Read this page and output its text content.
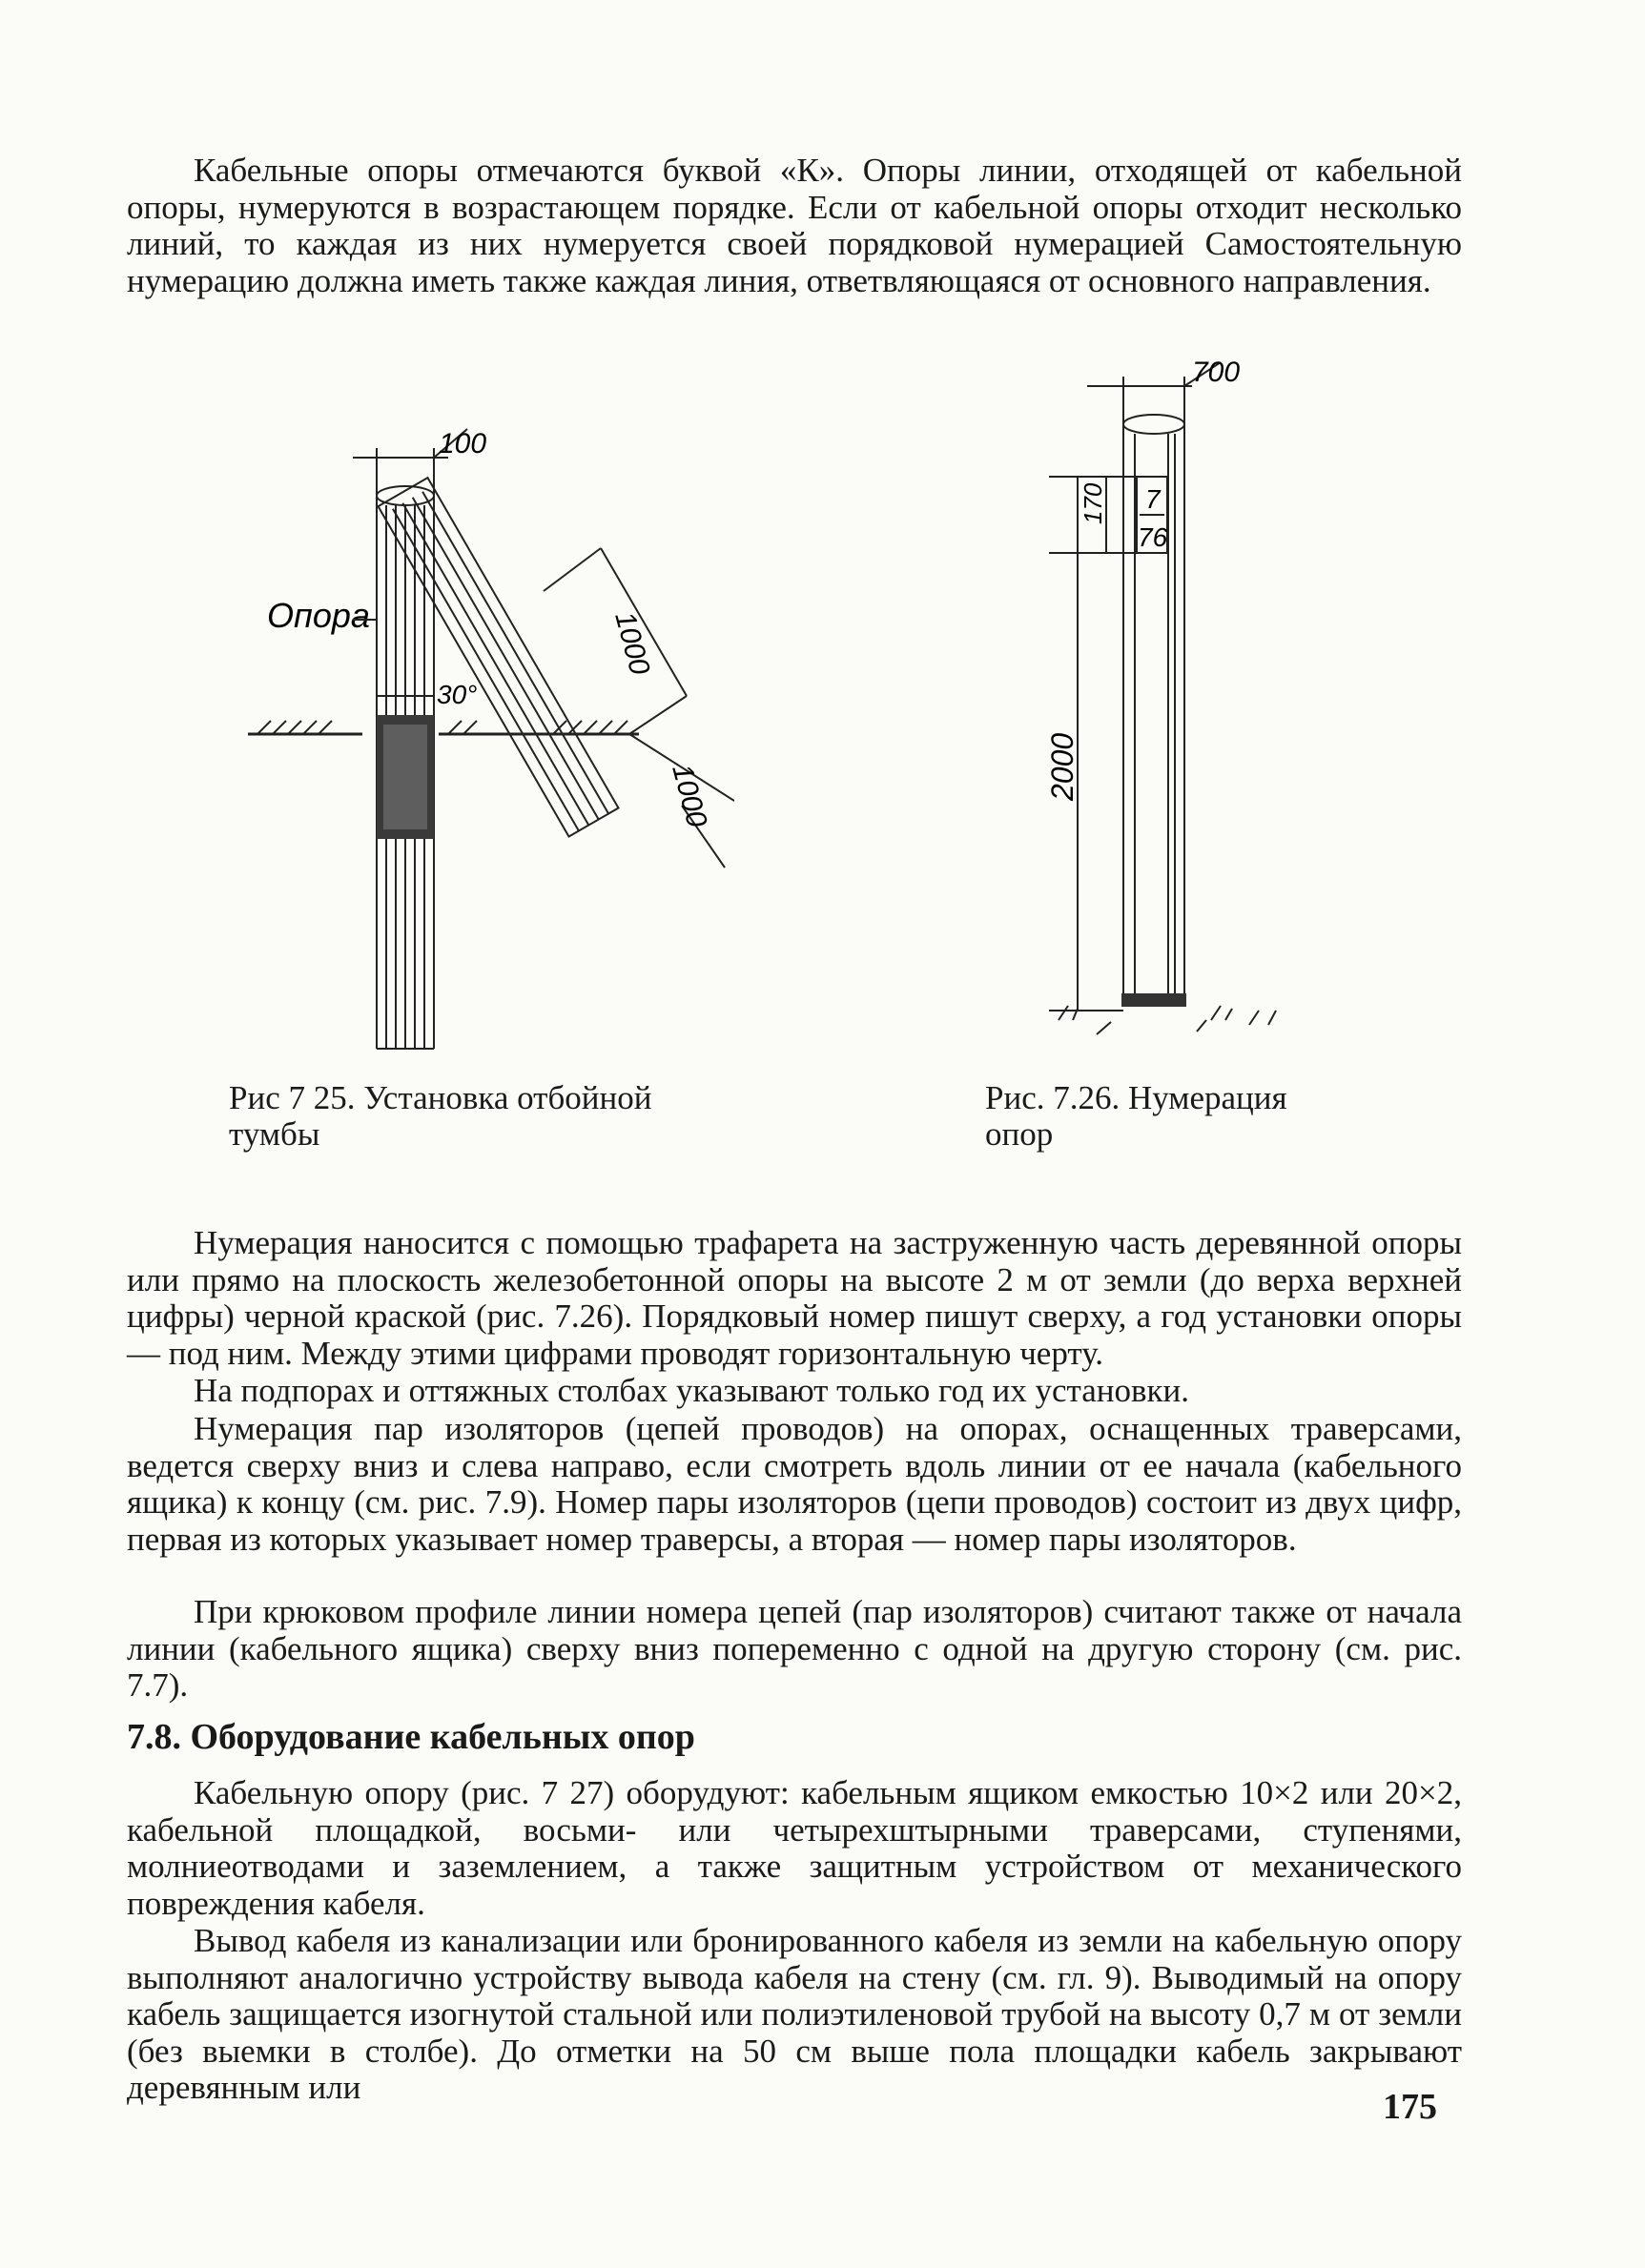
Кабельные опоры отмечаются буквой «К». Опоры линии, отходящей от кабельной опоры, нумеруются в возрастающем порядке. Если от кабельной опоры отходит несколько линий, то каждая из них нумеруется своей порядковой нумерацией Самостоятельную нумерацию должна иметь также каждая линия, ответвляющаяся от основного направления.

100
1000
1000
30°
Опора

Рис 7 25. Установка отбойной
тумбы

7
76
700
170
2000

Рис. 7.26. Нумерация
опор

Нумерация наносится с помощью трафарета на заструженную часть деревянной опоры или прямо на плоскость железобетонной опоры на высоте 2 м от земли (до верха верхней цифры) черной краской (рис. 7.26). Порядковый номер пишут сверху, а год установки опоры — под ним. Между этими цифрами проводят горизонтальную черту.

На подпорах и оттяжных столбах указывают только год их установки.

Нумерация пар изоляторов (цепей проводов) на опорах, оснащенных траверсами, ведется сверху вниз и слева направо, если смотреть вдоль линии от ее начала (кабельного ящика) к концу (см. рис. 7.9). Номер пары изоляторов (цепи проводов) состоит из двух цифр, первая из которых указывает номер траверсы, а вторая — номер пары изоляторов.

При крюковом профиле линии номера цепей (пар изоляторов) считают также от начала линии (кабельного ящика) сверху вниз попеременно с одной на другую сторону (см. рис. 7.7).

7.8. Оборудование кабельных опор

Кабельную опору (рис. 7 27) оборудуют: кабельным ящиком емкостью 10×2 или 20×2, кабельной площадкой, восьми- или четырехштырными траверсами, ступенями, молниеотводами и заземлением, а также защитным устройством от механического повреждения кабеля.

Вывод кабеля из канализации или бронированного кабеля из земли на кабельную опору выполняют аналогично устройству вывода кабеля на стену (см. гл. 9). Выводимый на опору кабель защищается изогнутой стальной или полиэтиленовой трубой на высоту 0,7 м от земли (без выемки в столбе). До отметки на 50 см выше пола площадки кабель закрывают деревянным или	175
